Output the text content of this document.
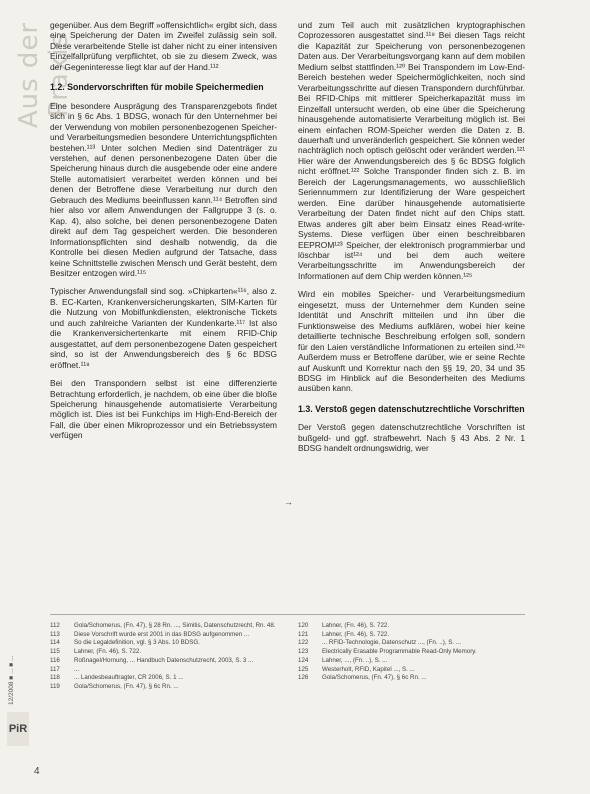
Aus der Praxis
PiR
12/2008 ■ ... ■ ...

gegenüber. Aus dem Begriff »offensichtlich« ergibt sich, dass eine Speicherung der Daten im Zweifel zulässig sein soll. Diese verarbeitende Stelle ist daher nicht zu einer intensiven Einzelfallprüfung verpflichtet, ob sie zu diesem Zweck, was der Gegeninteresse liegt klar auf der Hand.¹¹²

1.2. Sondervorschriften für mobile Speichermedien

Eine besondere Ausprägung des Transparenzgebots findet sich in § 6c Abs. 1 BDSG, wonach für den Unternehmer bei der Verwendung von mobilen personenbezogenen Speicher- und Verarbeitungsmedien besondere Unterrichtungspflichten bestehen.¹¹³ Unter solchen Medien sind Datenträger zu verstehen, auf denen personenbezogene Daten über die Speicherung hinaus durch die ausgebende oder eine andere Stelle automatisiert verarbeitet werden können und bei denen der Betroffene diese Verarbeitung nur durch den Gebrauch des Mediums beeinflussen kann.¹¹⁴ Betroffen sind hier also vor allem Anwendungen der Fallgruppe 3 (s. o. Kap. 4), also solche, bei denen personenbezogene Daten direkt auf dem Tag gespeichert werden. Die besonderen Informationspflichten sind deshalb notwendig, da die Kontrolle bei diesen Medien aufgrund der Tatsache, dass keine Schnittstelle zwischen Mensch und Gerät besteht, dem Besitzer entzogen wird.¹¹⁵

Typischer Anwendungsfall sind sog. »Chipkarten«¹¹⁶, also z. B. EC-Karten, Krankenversicherungskarten, SIM-Karten für die Nutzung von Mobilfunkdiensten, elektronische Tickets und auch zahlreiche Varianten der Kundenkarte.¹¹⁷ Ist also die Krankenversichertenkarte mit einem RFID-Chip ausgestattet, auf dem personenbezogene Daten gespeichert sind, so ist der Anwendungsbereich des § 6c BDSG eröffnet.¹¹⁸

Bei den Transpondern selbst ist eine differenzierte Betrachtung erforderlich, je nachdem, ob eine über die bloße Speicherung hinausgehende automatisierte Verarbeitung möglich ist. Dies ist bei Funkchips im High-End-Bereich der Fall, die über einen Mikroprozessor und ein Betriebssystem verfügen

und zum Teil auch mit zusätzlichen kryptographischen Coprozessoren ausgestattet sind.¹¹⁹ Bei diesen Tags reicht die Kapazität zur Speicherung von personenbezogenen Daten aus. Der Verarbeitungsvorgang kann auf dem mobilen Medium selbst stattfinden.¹²⁰ Bei Transpondern im Low-End-Bereich bestehen weder Speichermöglichkeiten, noch sind Verarbeitungsschritte auf diesen Transpondern durchführbar. Bei RFID-Chips mit mittlerer Speicherkapazität muss im Einzelfall untersucht werden, ob eine über die Speicherung hinausgehende automatisierte Verarbeitung möglich ist. Bei einem einfachen ROM-Speicher werden die Daten z. B. dauerhaft und unveränderlich gespeichert. Sie können weder nachträglich noch optisch gelöscht oder verändert werden.¹²¹ Hier wäre der Anwendungsbereich des § 6c BDSG folglich nicht eröffnet.¹²² Solche Transponder finden sich z. B. im Bereich der Lagerungsmanagements, wo ausschließlich Seriennummern zur Identifizierung der Ware gespeichert werden. Eine darüber hinausgehende automatisierte Verarbeitung der Daten findet nicht auf den Chips statt. Etwas anderes gilt aber beim Einsatz eines Read-write-Systems. Diese verfügen über einen beschreibbaren EEPROM¹²³ Speicher, der elektronisch programmierbar und löschbar ist¹²⁴ und bei dem auch weitere Verarbeitungsschritte im Anwendungsbereich der Informationen auf dem Chip werden können.¹²⁵

Wird ein mobiles Speicher- und Verarbeitungsmedium eingesetzt, muss der Unternehmer dem Kunden seine Identität und Anschrift mitteilen und ihn über die Funktionsweise des Mediums aufklären, wobei hier keine detaillierte technische Beschreibung erfolgen soll, sondern für den Laien verständliche Informationen zu erteilen sind.¹²⁶ Außerdem muss er Betroffene darüber, wie er seine Rechte auf Auskunft und Korrektur nach den §§ 19, 20, 34 und 35 BDSG im Hinblick auf die Besonderheiten des Mediums ausüben kann.

1.3. Verstoß gegen datenschutzrechtliche Vorschriften

Der Verstoß gegen datenschutzrechtliche Vorschriften ist bußgeld- und ggf. strafbewehrt. Nach § 43 Abs. 2 Nr. 1 BDSG handelt ordnungswidrig, wer

→
112	Gola/Schomerus, (Fn. 47), § 28 Rn. ..., Simitis, Datenschutzrecht, Rn. 48.
113	Diese Vorschrift wurde erst 2001 in das BDSG aufgenommen ...
114	So die Legaldefinition, vgl. § 3 Abs. 10 BDSG.
115	Lahner, (Fn. 46), S. 722.
116	Roßnagel/Hornung, ... Handbuch Datenschutzrecht, 2003, S. 3 ...
117	...
118	... Landesbeauftragter, CR 2006, S. 1 ...
119	Gola/Schomerus, (Fn. 47), § 6c Rn. ...
120	Lahner, (Fn. 46), S. 722.
121	Lahner, (Fn. 46), S. 722.
122	... RFID-Technologie, Datenschutz ..., (Fn. ..), S. ...
123	Electrically Erasable Programmable Read-Only Memory.
124	Lahner, ..., (Fn. ..), S. ...
125	Westerholt, RFID, Kapitel ..., S. ...
126	Gola/Schomerus, (Fn. 47), § 6c Rn. ...
4
